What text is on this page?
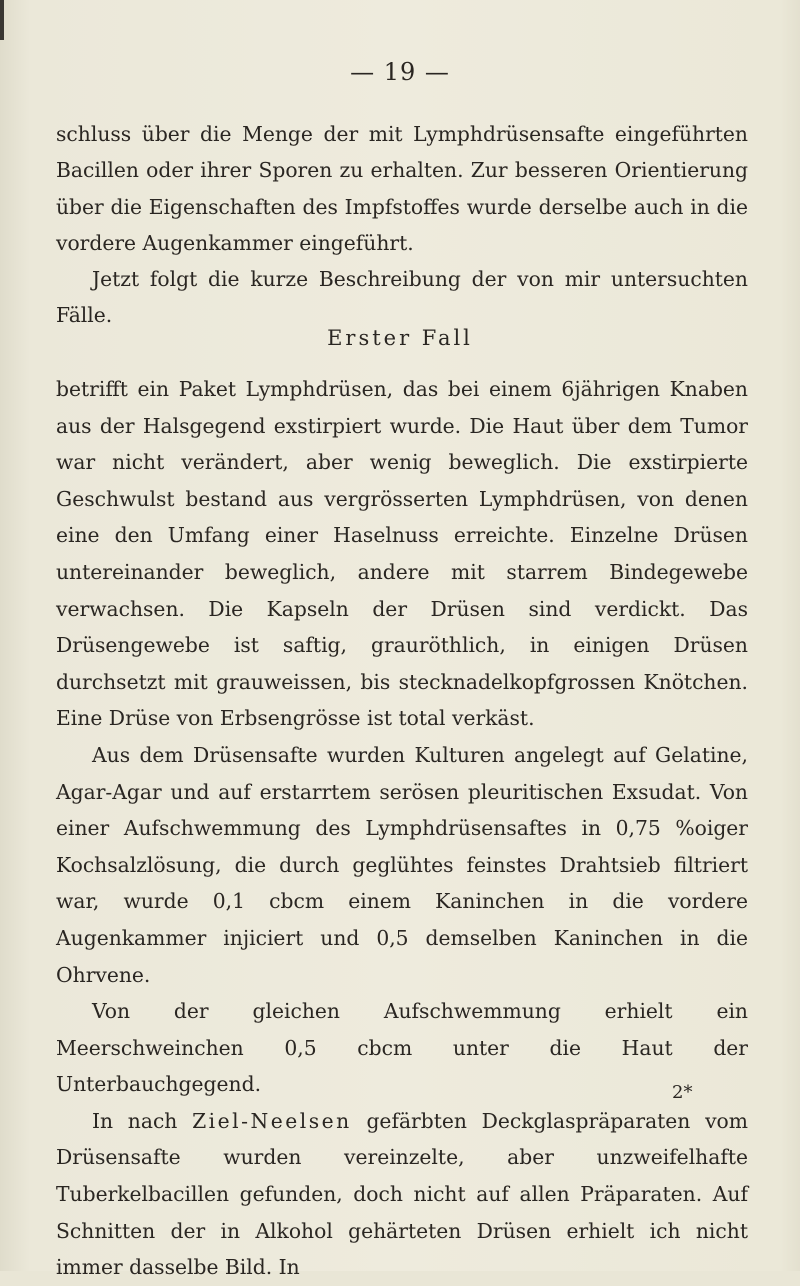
— 19 —

schluss über die Menge der mit Lymphdrüsensafte eingeführten Bacillen oder ihrer Sporen zu erhalten. Zur besseren Orientierung über die Eigenschaften des Impfstoffes wurde derselbe auch in die vordere Augenkammer eingeführt.

Jetzt folgt die kurze Beschreibung der von mir untersuchten Fälle.

Erster Fall

betrifft ein Paket Lymphdrüsen, das bei einem 6jährigen Knaben aus der Halsgegend exstirpiert wurde. Die Haut über dem Tumor war nicht verändert, aber wenig beweglich. Die exstirpierte Geschwulst bestand aus vergrösserten Lymphdrüsen, von denen eine den Umfang einer Haselnuss erreichte. Einzelne Drüsen untereinander beweglich, andere mit starrem Bindegewebe verwachsen. Die Kapseln der Drüsen sind verdickt. Das Drüsengewebe ist saftig, grauröthlich, in einigen Drüsen durchsetzt mit grauweissen, bis stecknadelkopfgrossen Knötchen. Eine Drüse von Erbsengrösse ist total verkäst.

Aus dem Drüsensafte wurden Kulturen angelegt auf Gelatine, Agar-Agar und auf erstarrtem serösen pleuritischen Exsudat. Von einer Aufschwemmung des Lymphdrüsensaftes in 0,75 %oiger Kochsalzlösung, die durch geglühtes feinstes Drahtsieb filtriert war, wurde 0,1 cbcm einem Kaninchen in die vordere Augenkammer injiciert und 0,5 demselben Kaninchen in die Ohrvene.

Von der gleichen Aufschwemmung erhielt ein Meerschweinchen 0,5 cbcm unter die Haut der Unterbauchgegend.

In nach Ziel-Neelsen gefärbten Deckglaspräparaten vom Drüsensafte wurden vereinzelte, aber unzweifelhafte Tuberkelbacillen gefunden, doch nicht auf allen Präparaten. Auf Schnitten der in Alkohol gehärteten Drüsen erhielt ich nicht immer dasselbe Bild. In

2*
